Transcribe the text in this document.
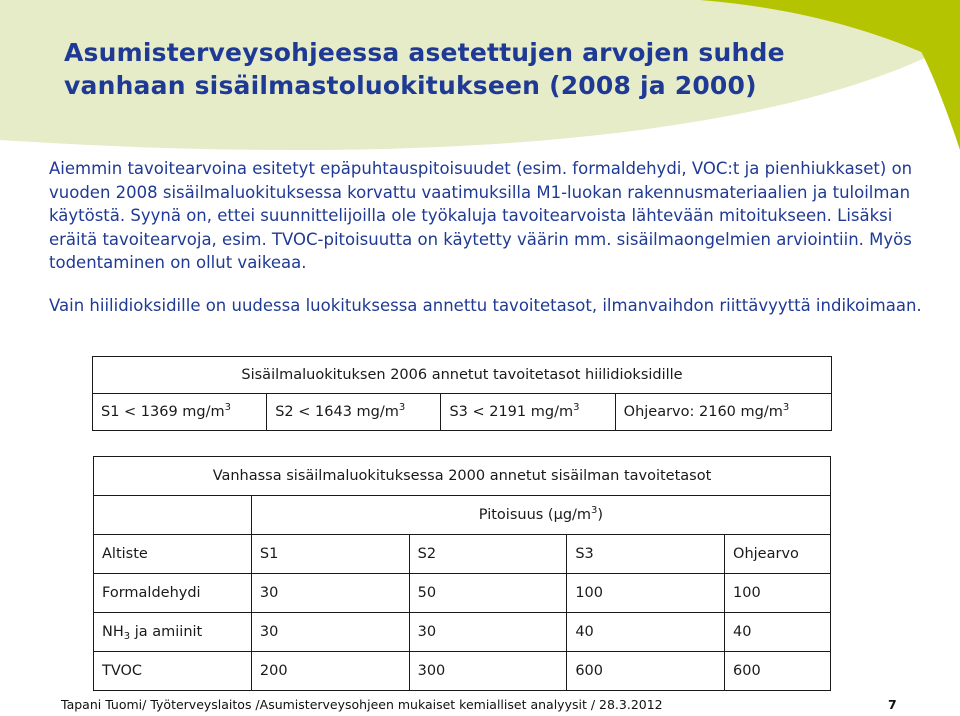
Asumisterveysohjeessa asetettujen arvojen suhde vanhaan sisäilmastoluokitukseen (2008 ja 2000)

Aiemmin tavoitearvoina esitetyt epäpuhtauspitoisuudet (esim. formaldehydi, VOC:t ja pienhiukkaset) on vuoden 2008 sisäilmaluokituksessa korvattu vaatimuksilla M1-luokan rakennusmateriaalien ja tuloilman käytöstä. Syynä on, ettei suunnittelijoilla ole työkaluja tavoitearvoista lähtevään mitoitukseen. Lisäksi eräitä tavoitearvoja, esim. TVOC-pitoisuutta on käytetty väärin mm. sisäilmaongelmien arviointiin. Myös todentaminen on ollut vaikeaa.

Vain hiilidioksidille on uudessa luokituksessa annettu tavoitetasot, ilmanvaihdon riittävyyttä indikoimaan.

Sisäilmaluokituksen 2006 annetut tavoitetasot hiilidioksidille
S1 < 1369 $mg/m^3$	S2 < 1643 $mg/m^3$	S3 < 2191 $mg/m^3$	Ohjearvo: 2160 $mg/m^3$
Vanhassa sisäilmaluokituksessa 2000 annetut sisäilman tavoitetasot				
	Pitoisuus $(\mu g/m^3)$			
Altiste	S1	S2	S3	Ohjearvo
Formaldehydi	30	50	100	100
$NH_3$ ja amiinit	30	30	40	40
TVOC	200	300	600	600
Tapani Tuomi/ Työterveyslaitos /Asumisterveysohjeen mukaiset kemialliset analyysit / 28.3.2012	7
